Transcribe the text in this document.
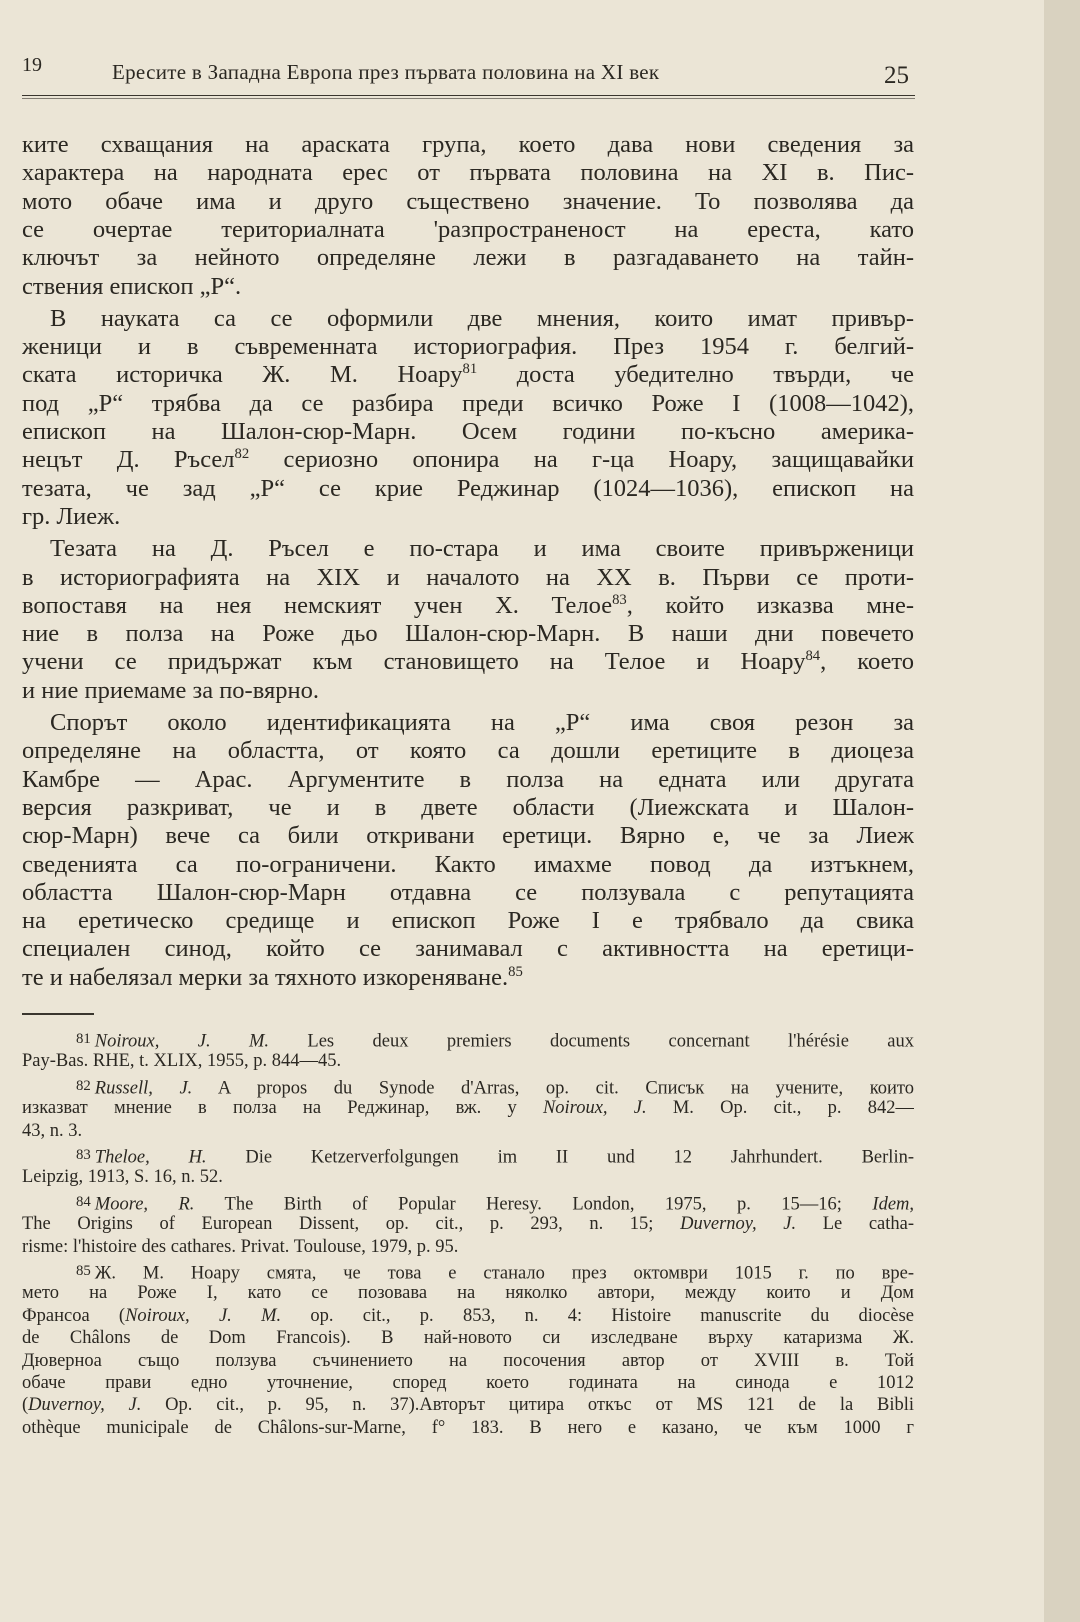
19	Ересите в Западна Европа през първата половина на XI век	25
ките схващания на араската група, което дава нови сведения за
характера на народната ерес от първата половина на XI в. Пис-
мото обаче има и друго съществено значение. То позволява да
се очертае териториалната 'разпространеност на ереста, като
ключът за нейното определяне лежи в разгадаването на тайн-
ствения епископ „Р“.
В науката са се оформили две мнения, които имат привър-
женици и в съвременната историография. През 1954 г. белгий-
ската историчка Ж. М. Ноару$^{81}$ доста убедително твърди, че
под „Р“ трябва да се разбира преди всичко Роже I (1008—1042),
епископ на Шалон-сюр-Марн. Осем години по-късно америка-
нецът Д. Ръсел$^{82}$ сериозно опонира на г-ца Ноару, защищавайки
тезата, че зад „Р“ се крие Реджинар (1024—1036), епископ на
гр. Лиеж.
Тезата на Д. Ръсел е по-стара и има своите привърженици
в историографията на XIX и началото на XX в. Първи се проти-
вопоставя на нея немският учен X. Телое$^{83}$, който изказва мне-
ние в полза на Роже дьо Шалон-сюр-Марн. В наши дни повечето
учени се придържат към становището на Телое и Ноару$^{84}$, което
и ние приемаме за по-вярно.
Спорът около идентификацията на „Р“ има своя резон за
определяне на областта, от която са дошли еретиците в диоцеза
Камбре — Арас. Аргументите в полза на едната или другата
версия разкриват, че и в двете области (Лиежската и Шалон-
сюр-Марн) вече са били откривани еретици. Вярно е, че за Лиеж
сведенията са по-ограничени. Както имахме повод да изтъкнем,
областта Шалон-сюр-Марн отдавна се ползувала с репутацията
на еретическо средище и епископ Роже I е трябвало да свика
специален синод, който се занимавал с активността на еретици-
те и набелязал мерки за тяхното изкореняване.$^{85}$
$^{81}$ Noiroux, J. M. Les deux premiers documents concernant l'hérésie aux
Pay-Bas. RHE, t. XLIX, 1955, p. 844—45.
$^{82}$ Russell, J. A propos du Synode d'Arras, op. cit. Списък на учените, които
изказват мнение в полза на Реджинар, вж. у Noiroux, J. M. Op. cit., p. 842—
43, n. 3.
$^{83}$ Theloe, H. Die Ketzerverfolgungen im II und 12 Jahrhundert. Berlin-
Leipzig, 1913, S. 16, n. 52.
$^{84}$ Moore, R. The Birth of Popular Heresy. London, 1975, p. 15—16; Idem,
The Origins of European Dissent, op. cit., p. 293, n. 15; Duvernoy, J. Le catha-
risme: l'histoire des cathares. Privat. Toulouse, 1979, p. 95.
$^{85}$ Ж. М. Ноару смята, че това е станало през октомври 1015 г. по вре-
мето на Роже I, като се позовава на няколко автори, между които и Дом
Франсоа (Noiroux, J. M. op. cit., p. 853, n. 4: Histoire manuscrite du diocèse
de Châlons de Dom Francois). В най-новото си изследване върху катаризма Ж.
Дюверноа също ползува съчинението на посочения автор от XVIII в. Той
обаче прави едно уточнение, според което годината на синода е 1012
(Duvernoy, J. Op. cit., p. 95, n. 37).Авторът цитира откъс от MS 121 de la Bibli
othèque municipale de Châlons-sur-Marne, f° 183. В него е казано, че към 1000 г
